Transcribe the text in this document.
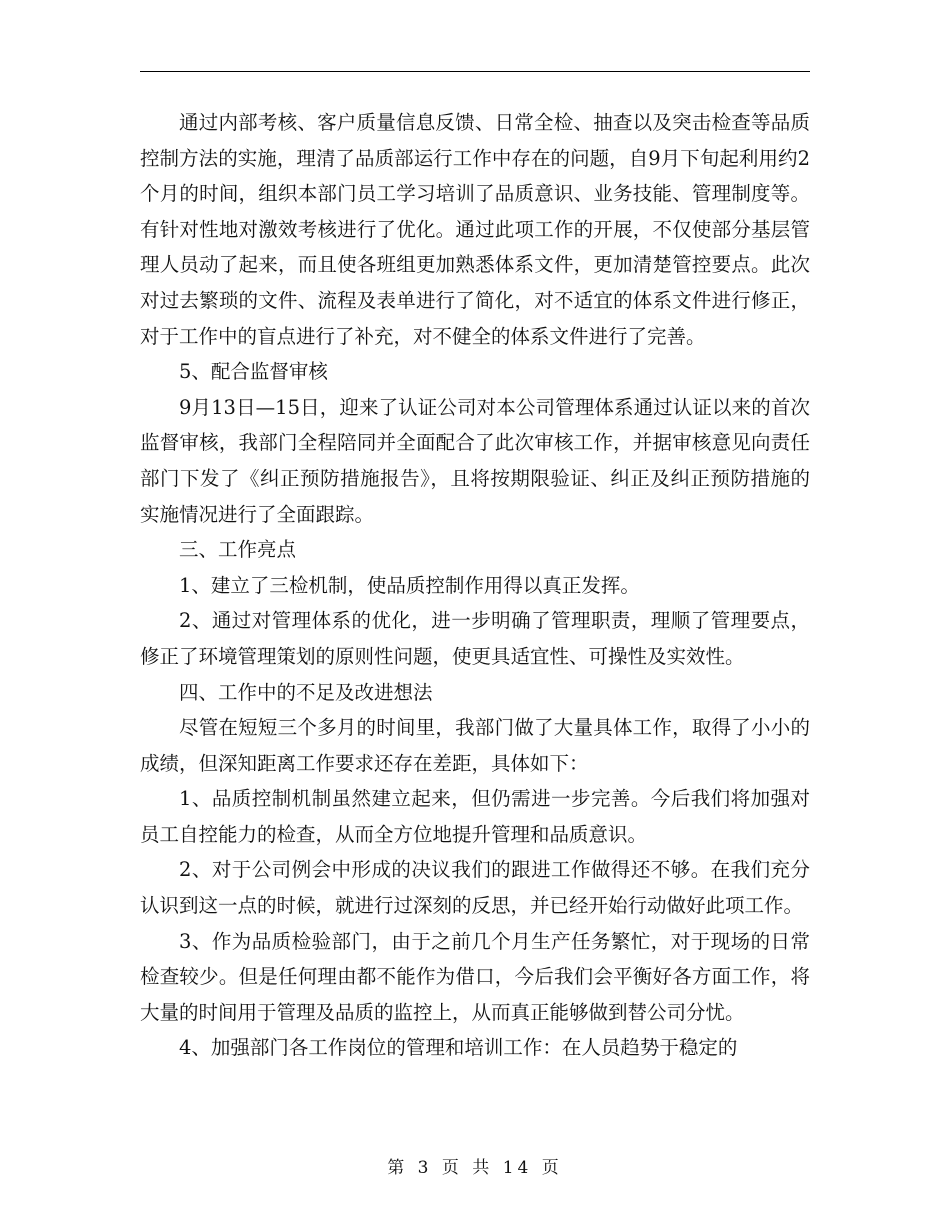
通过内部考核、客户质量信息反馈、日常全检、抽查以及突击检查等品质控制方法的实施，理清了品质部运行工作中存在的问题，自9月下旬起利用约2个月的时间，组织本部门员工学习培训了品质意识、业务技能、管理制度等。有针对性地对激效考核进行了优化。通过此项工作的开展，不仅使部分基层管理人员动了起来，而且使各班组更加熟悉体系文件，更加清楚管控要点。此次对过去繁琐的文件、流程及表单进行了简化，对不适宜的体系文件进行修正，对于工作中的盲点进行了补充，对不健全的体系文件进行了完善。

5、配合监督审核

9月13日—15日，迎来了认证公司对本公司管理体系通过认证以来的首次监督审核，我部门全程陪同并全面配合了此次审核工作，并据审核意见向责任部门下发了《纠正预防措施报告》，且将按期限验证、纠正及纠正预防措施的实施情况进行了全面跟踪。

三、工作亮点

1、建立了三检机制，使品质控制作用得以真正发挥。

2、通过对管理体系的优化，进一步明确了管理职责，理顺了管理要点，修正了环境管理策划的原则性问题，使更具适宜性、可操性及实效性。

四、工作中的不足及改进想法

尽管在短短三个多月的时间里，我部门做了大量具体工作，取得了小小的成绩，但深知距离工作要求还存在差距，具体如下：

1、品质控制机制虽然建立起来，但仍需进一步完善。今后我们将加强对员工自控能力的检查，从而全方位地提升管理和品质意识。

2、对于公司例会中形成的决议我们的跟进工作做得还不够。在我们充分认识到这一点的时候，就进行过深刻的反思，并已经开始行动做好此项工作。

3、作为品质检验部门，由于之前几个月生产任务繁忙，对于现场的日常检查较少。但是任何理由都不能作为借口，今后我们会平衡好各方面工作，将大量的时间用于管理及品质的监控上，从而真正能够做到替公司分忧。

4、加强部门各工作岗位的管理和培训工作：在人员趋势于稳定的

第 3 页 共 14 页
